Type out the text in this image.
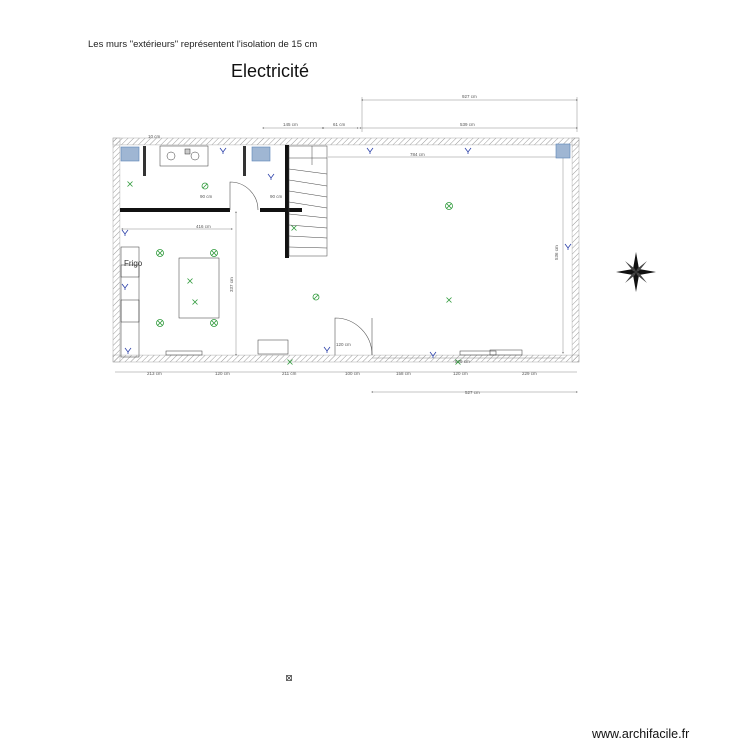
Les murs "extérieurs" représentent l'isolation de 15 cm
Electricité
www.archifacile.fr
Frigo
927 cm
145 cm	61 cm	539 cm
784 cm
10 cm
416 cm
90 cm	90 cm
536 cm
337 cm
529 cm
120 cm
213 cm	120 cm	211 cm	100 cm	158 cm	120 cm	229 cm
527 cm
